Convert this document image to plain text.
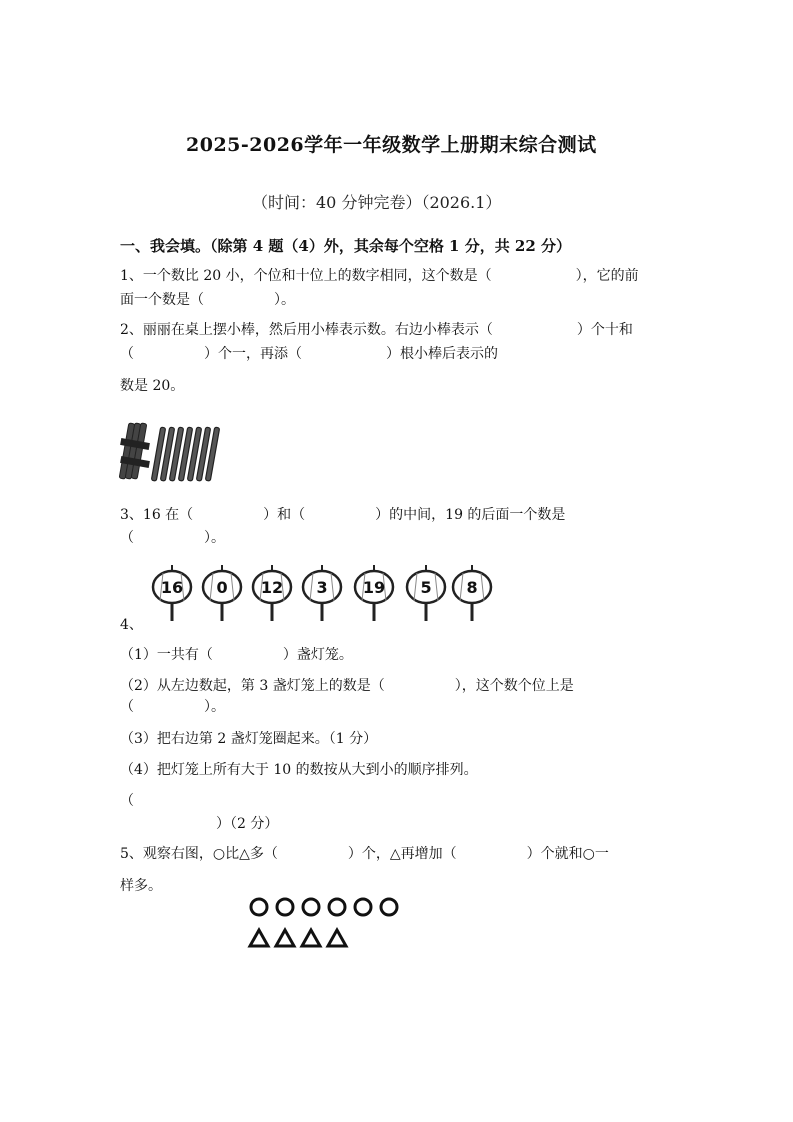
2025-2026学年一年级数学上册期末综合测试
（时间：40 分钟完卷）（2026.1）
一、我会填。（除第 4 题（4）外，其余每个空格 1 分，共 22 分）
1、一个数比 20 小，个位和十位上的数字相同，这个数是（　　　　　　），它的前
面一个数是（　　　　　）。
2、丽丽在桌上摆小棒，然后用小棒表示数。右边小棒表示（　　　　　　）个十和
（　　　　　）个一，再添（　　　　　　）根小棒后表示的
数是 20。
3、16 在（　　　　　）和（　　　　　）的中间，19 的后面一个数是
（　　　　　）。
16 0 12 3 19 5 8
4、
（1）一共有（　　　　　）盏灯笼。
（2）从左边数起，第 3 盏灯笼上的数是（　　　　　），这个数个位上是
（　　　　　）。
（3）把右边第 2 盏灯笼圈起来。（1 分）
（4）把灯笼上所有大于 10 的数按从大到小的顺序排列。
（
）（2 分）
5、观察右图，○比△多（　　　　　）个，△再增加（　　　　　）个就和○一
样多。
